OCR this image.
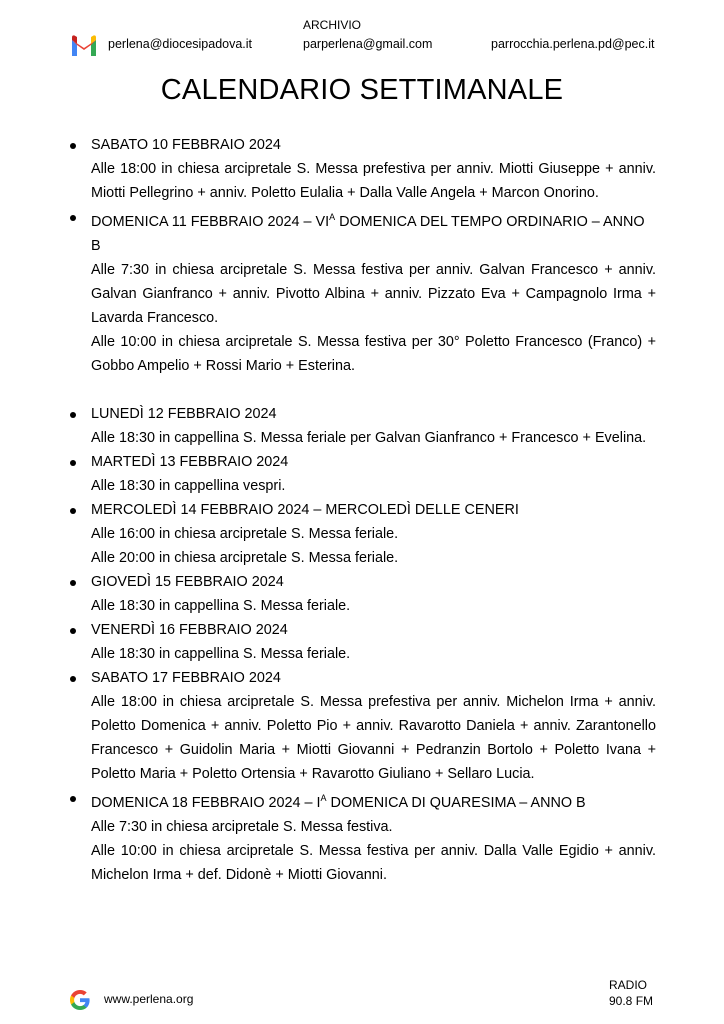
perlena@diocesipadova.it
ARCHIVIO
parperlena@gmail.com	parrocchia.perlena.pd@pec.it
CALENDARIO SETTIMANALE
SABATO 10 FEBBRAIO 2024
Alle 18:00 in chiesa arcipretale S. Messa prefestiva per anniv. Miotti Giuseppe + anniv. Miotti Pellegrino + anniv. Poletto Eulalia + Dalla Valle Angela + Marcon Onorino.
DOMENICA 11 FEBBRAIO $2024 - VI^A$ DOMENICA DEL TEMPO ORDINARIO – ANNO B
Alle 7:30 in chiesa arcipretale S. Messa festiva per anniv. Galvan Francesco + anniv. Galvan Gianfranco + anniv. Pivotto Albina + anniv. Pizzato Eva + Campagnolo Irma + Lavarda Francesco.
Alle 10:00 in chiesa arcipretale S. Messa festiva per 30° Poletto Francesco (Franco) + Gobbo Ampelio + Rossi Mario + Esterina.
LUNEDÌ 12 FEBBRAIO 2024
Alle 18:30 in cappellina S. Messa feriale per Galvan Gianfranco + Francesco + Evelina.
MARTEDÌ 13 FEBBRAIO 2024
Alle 18:30 in cappellina vespri.
MERCOLEDÌ 14 FEBBRAIO 2024 – MERCOLEDÌ DELLE CENERI
Alle 16:00 in chiesa arcipretale S. Messa feriale.
Alle 20:00 in chiesa arcipretale S. Messa feriale.
GIOVEDÌ 15 FEBBRAIO 2024
Alle 18:30 in cappellina S. Messa feriale.
VENERDÌ 16 FEBBRAIO 2024
Alle 18:30 in cappellina S. Messa feriale.
SABATO 17 FEBBRAIO 2024
Alle 18:00 in chiesa arcipretale S. Messa prefestiva per anniv. Michelon Irma + anniv. Poletto Domenica + anniv. Poletto Pio + anniv. Ravarotto Daniela + anniv. Zarantonello Francesco + Guidolin Maria + Miotti Giovanni + Pedranzin Bortolo + Poletto Ivana + Poletto Maria + Poletto Ortensia + Ravarotto Giuliano + Sellaro Lucia.
DOMENICA 18 FEBBRAIO $2024 - I^A$ DOMENICA DI QUARESIMA – ANNO B
Alle 7:30 in chiesa arcipretale S. Messa festiva.
Alle 10:00 in chiesa arcipretale S. Messa festiva per anniv. Dalla Valle Egidio + anniv. Michelon Irma + def. Didonè + Miotti Giovanni.
www.perlena.org
RADIO
90.8 FM
